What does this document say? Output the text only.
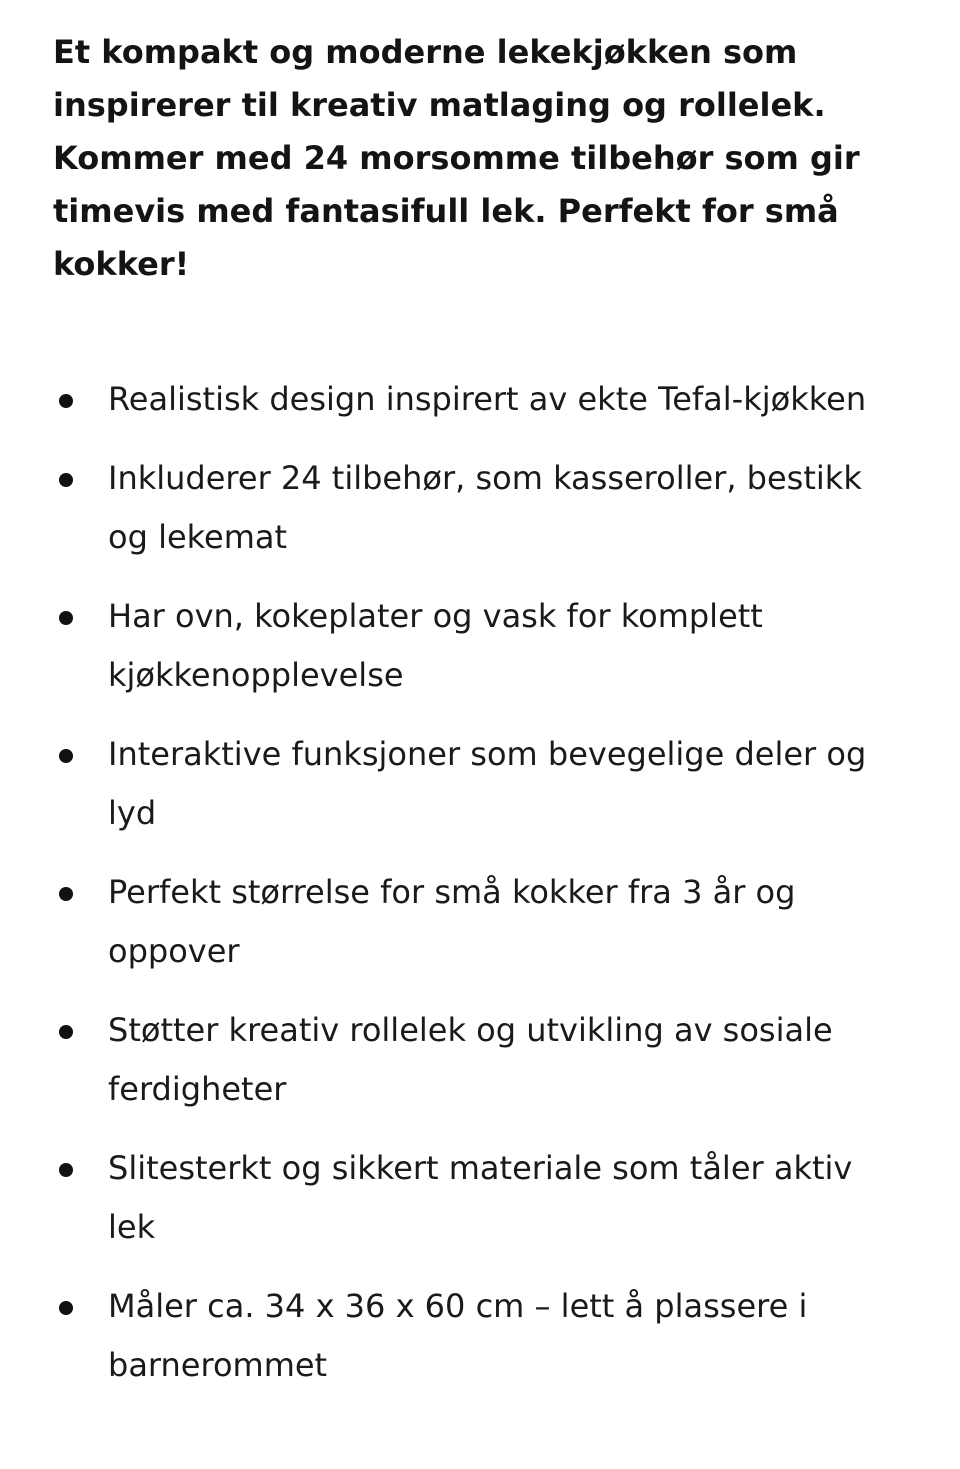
Et kompakt og moderne lekekjøkken som inspirerer til kreativ matlaging og rollelek. Kommer med 24 morsomme tilbehør som gir timevis med fantasifull lek. Perfekt for små kokker!

Realistisk design inspirert av ekte Tefal-kjøkken
Inkluderer 24 tilbehør, som kasseroller, bestikk og lekemat
Har ovn, kokeplater og vask for komplett kjøkkenopplevelse
Interaktive funksjoner som bevegelige deler og lyd
Perfekt størrelse for små kokker fra 3 år og oppover
Støtter kreativ rollelek og utvikling av sosiale ferdigheter
Slitesterkt og sikkert materiale som tåler aktiv lek
Måler ca. 34 x 36 x 60 cm – lett å plassere i barnerommet
